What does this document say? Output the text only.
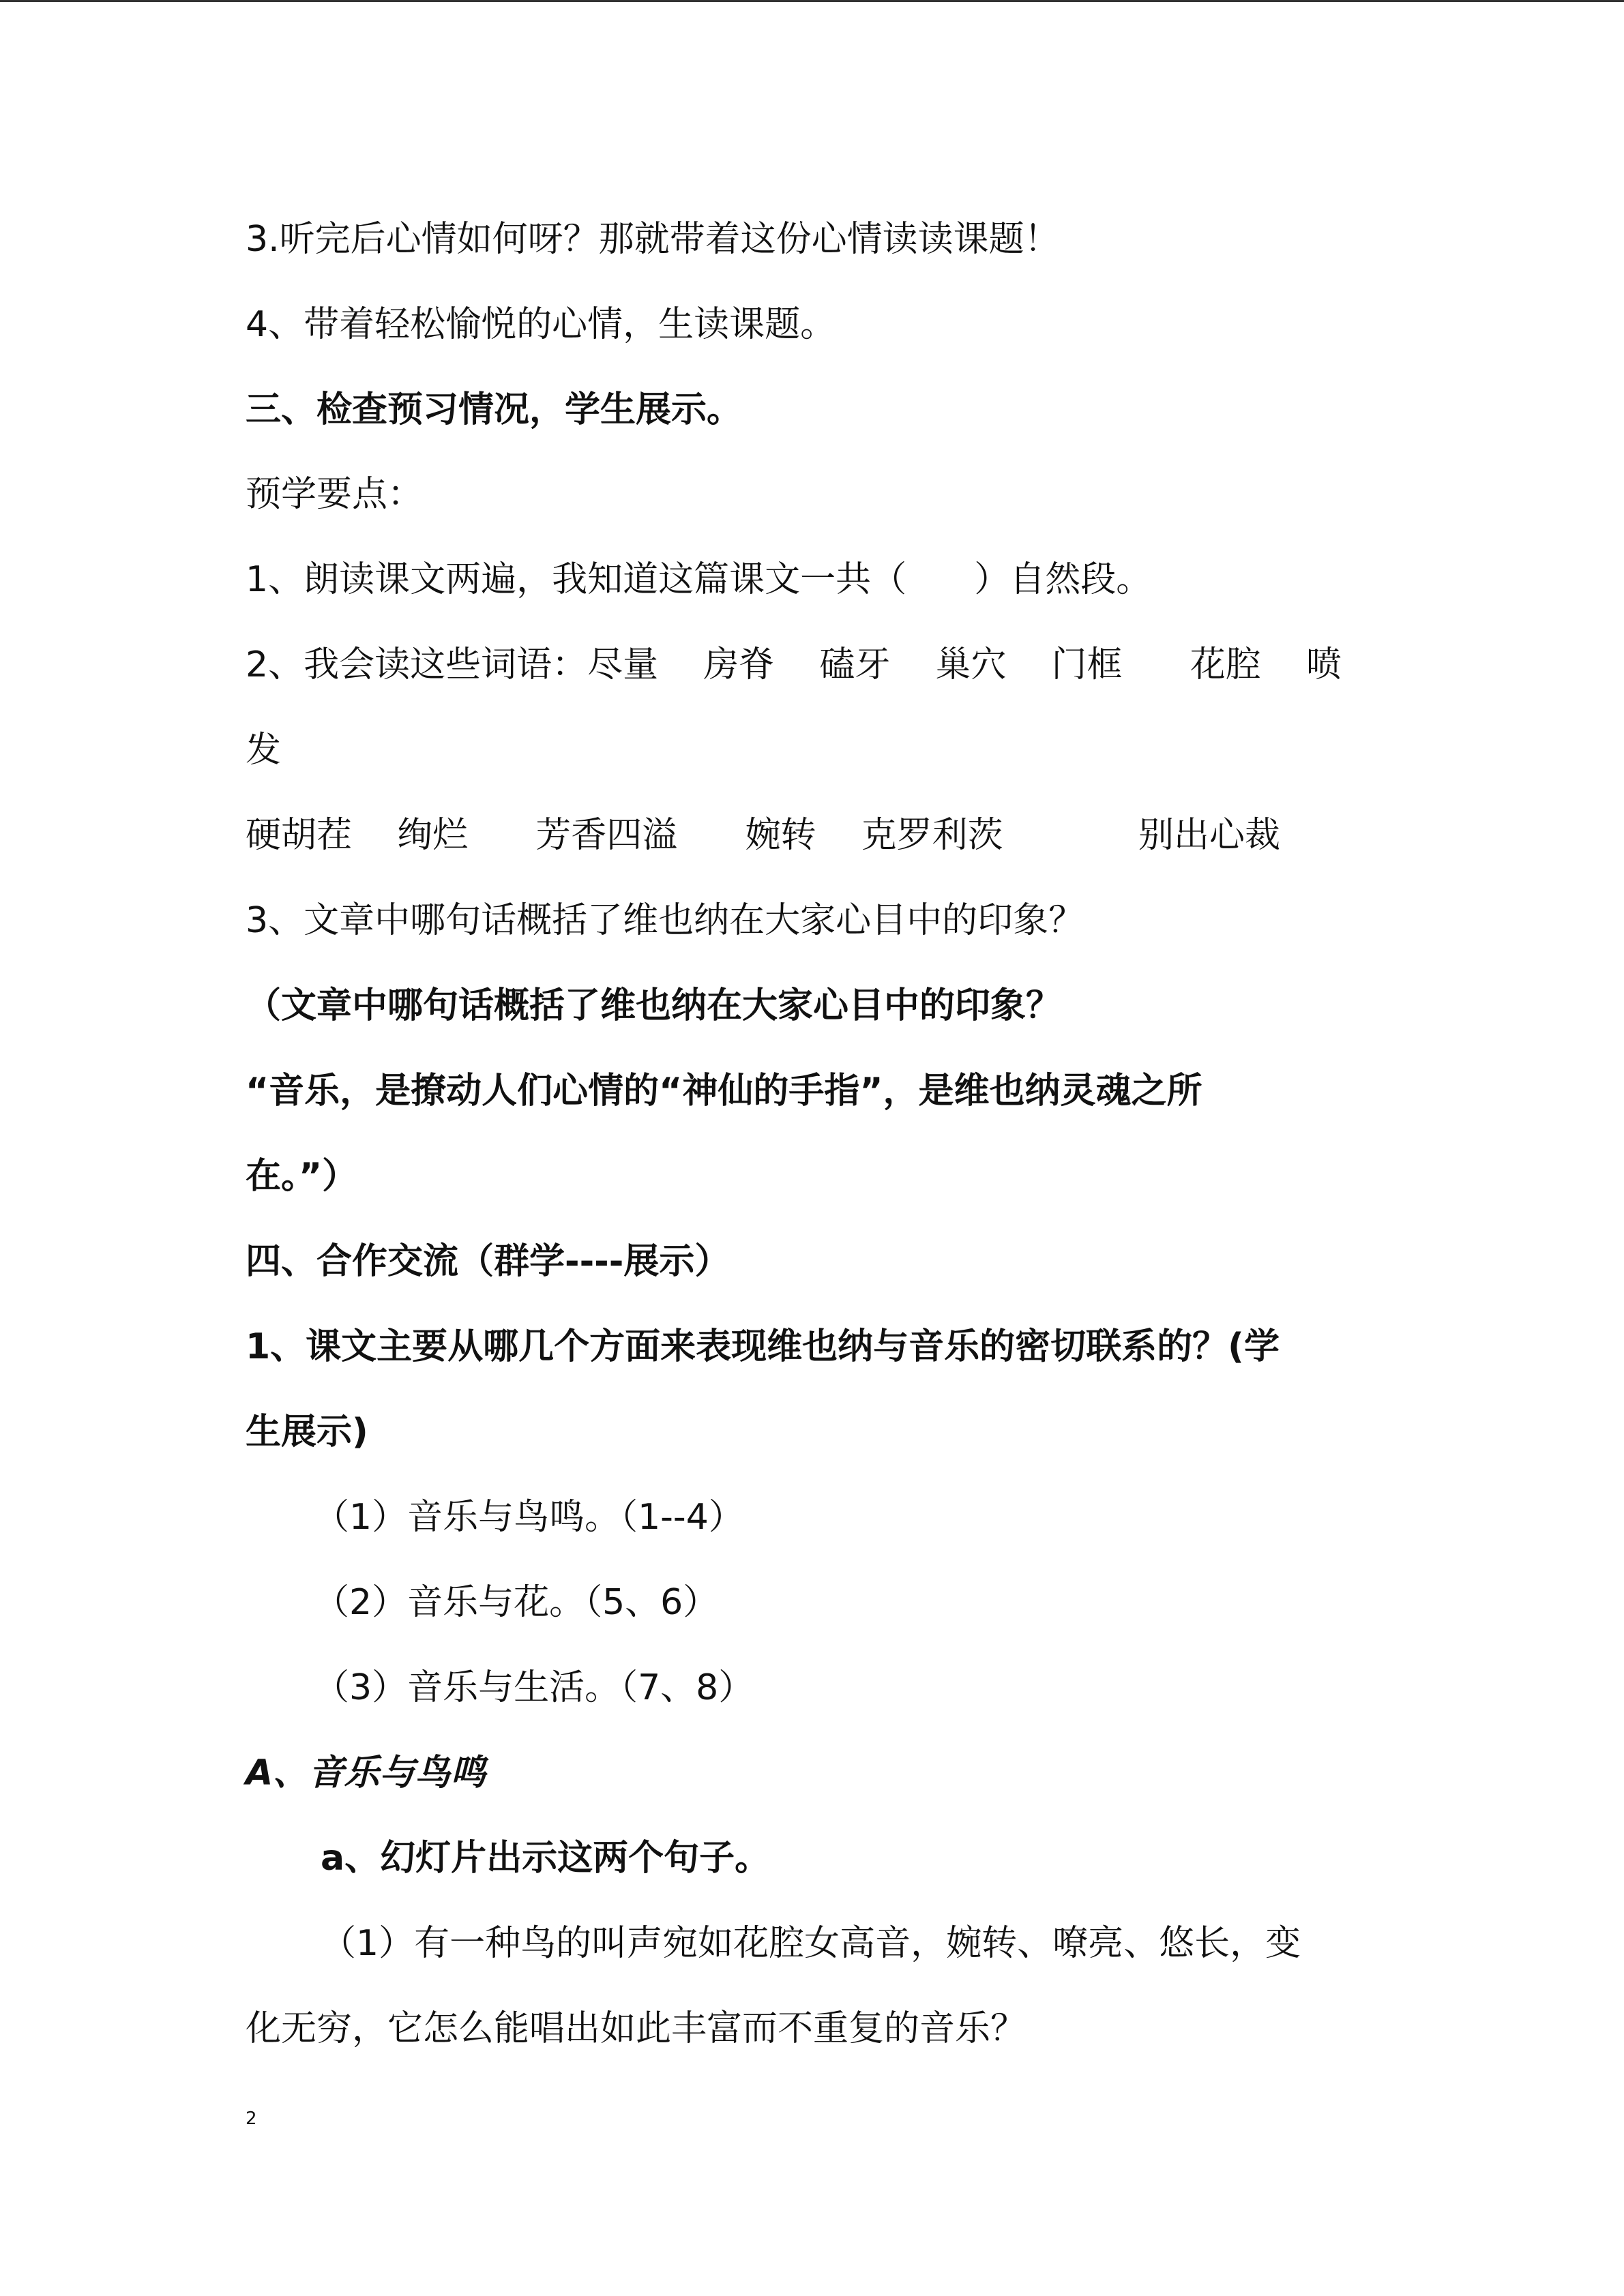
3.听完后心情如何呀？那就带着这份心情读读课题！
4、带着轻松愉悦的心情，生读课题。
三、检查预习情况，学生展示。
预学要点：
1、朗读课文两遍，我知道这篇课文一共（      ）自然段。
2、我会读这些词语：尽量    房脊    磕牙    巢穴    门框      花腔    喷
发
硬胡茬    绚烂      芳香四溢      婉转    克罗利茨            别出心裁
3、文章中哪句话概括了维也纳在大家心目中的印象？
（文章中哪句话概括了维也纳在大家心目中的印象？
“音乐，是撩动人们心情的“神仙的手指”，是维也纳灵魂之所
在。”）
四、合作交流（群学----展示）
1、课文主要从哪几个方面来表现维也纳与音乐的密切联系的？(学
生展示)
（1）音乐与鸟鸣。（1--4）
（2）音乐与花。（5、6）
（3）音乐与生活。（7、8）
A、音乐与鸟鸣
a、幻灯片出示这两个句子。
（1）有一种鸟的叫声宛如花腔女高音，婉转、嘹亮、悠长，变
化无穷，它怎么能唱出如此丰富而不重复的音乐？
2
